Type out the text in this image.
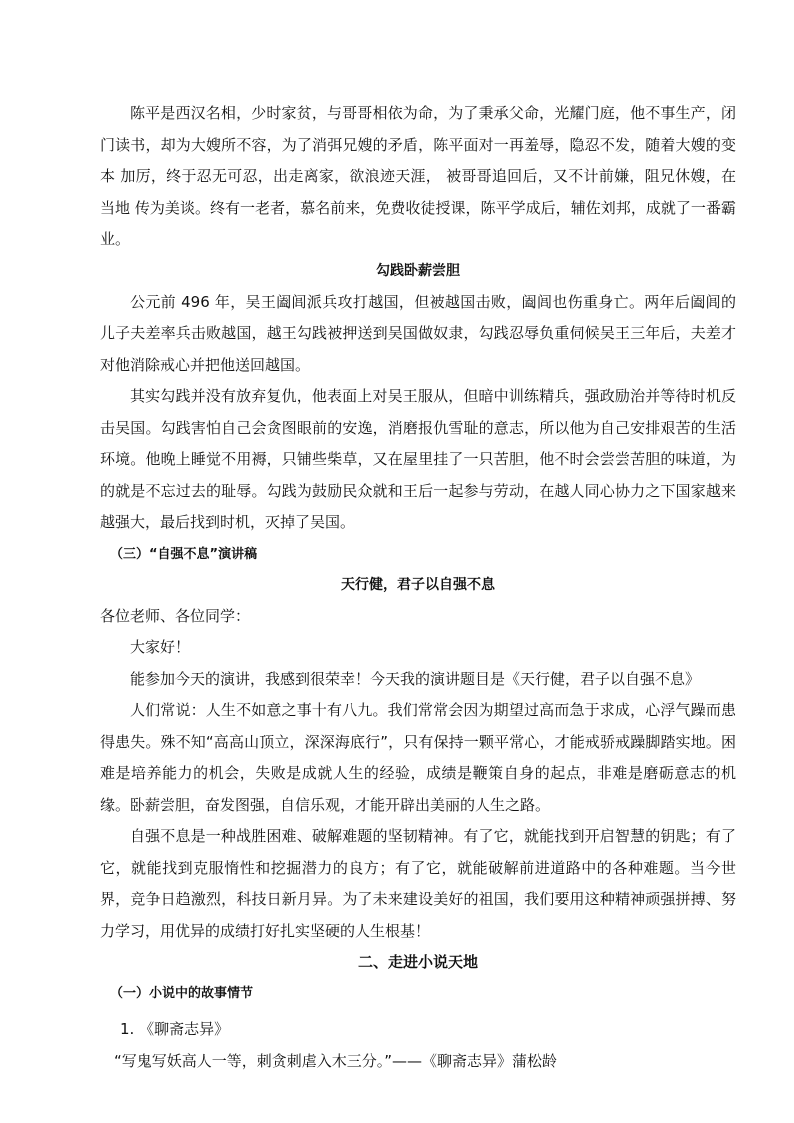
陈平是西汉名相，少时家贫，与哥哥相依为命，为了秉承父命，光耀门庭，他不事生产，闭门读书，却为大嫂所不容，为了消弭兄嫂的矛盾，陈平面对一再羞辱，隐忍不发，随着大嫂的变本 加厉，终于忍无可忍，出走离家，欲浪迹天涯， 被哥哥追回后，又不计前嫌，阻兄休嫂，在当地 传为美谈。终有一老者，慕名前来，免费收徒授课，陈平学成后，辅佐刘邦，成就了一番霸业。

勾践卧薪尝胆

公元前 496 年，吴王阖闾派兵攻打越国，但被越国击败，阖闾也伤重身亡。两年后阖闾的儿子夫差率兵击败越国，越王勾践被押送到吴国做奴隶，勾践忍辱负重伺候吴王三年后，夫差才对他消除戒心并把他送回越国。

其实勾践并没有放弃复仇，他表面上对吴王服从，但暗中训练精兵，强政励治并等待时机反击吴国。勾践害怕自己会贪图眼前的安逸，消磨报仇雪耻的意志，所以他为自己安排艰苦的生活环境。他晚上睡觉不用褥，只铺些柴草，又在屋里挂了一只苦胆，他不时会尝尝苦胆的味道，为的就是不忘过去的耻辱。勾践为鼓励民众就和王后一起参与劳动，在越人同心协力之下国家越来越强大，最后找到时机，灭掉了吴国。

（三）“自强不息”演讲稿

天行健，君子以自强不息

各位老师、各位同学：

大家好！

能参加今天的演讲，我感到很荣幸！今天我的演讲题目是《天行健，君子以自强不息》

人们常说：人生不如意之事十有八九。我们常常会因为期望过高而急于求成，心浮气躁而患得患失。殊不知“高高山顶立，深深海底行”，只有保持一颗平常心，才能戒骄戒躁脚踏实地。困难是培养能力的机会，失败是成就人生的经验，成绩是鞭策自身的起点，非难是磨砺意志的机缘。卧薪尝胆，奋发图强，自信乐观，才能开辟出美丽的人生之路。

自强不息是一种战胜困难、破解难题的坚韧精神。有了它，就能找到开启智慧的钥匙；有了它，就能找到克服惰性和挖掘潜力的良方；有了它，就能破解前进道路中的各种难题。当今世界，竞争日趋激烈，科技日新月异。为了未来建设美好的祖国，我们要用这种精神顽强拼搏、努力学习，用优异的成绩打好扎实坚硬的人生根基！

二、走进小说天地

（一）小说中的故事情节

1. 《聊斋志异》

“写鬼写妖高人一等，刺贪刺虐入木三分。”——《聊斋志异》蒲松龄
